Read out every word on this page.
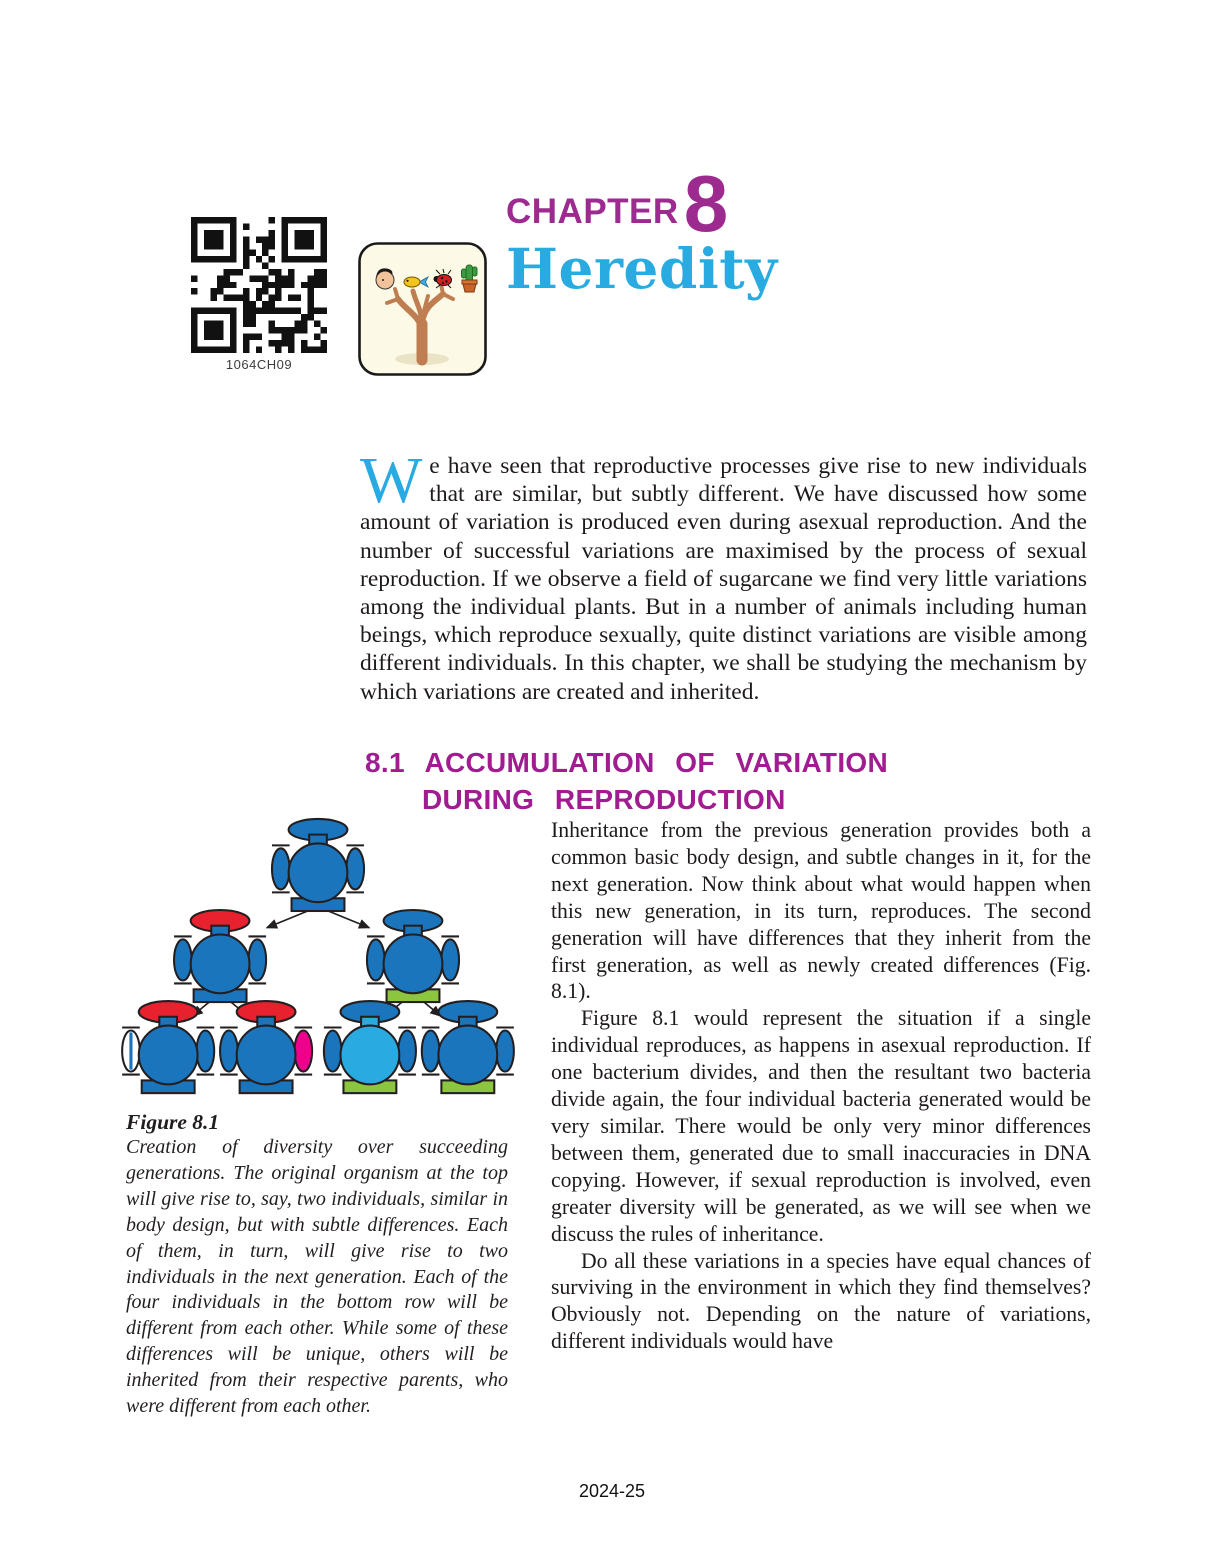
1064CH09
CHAPTER 8
Heredity
We have seen that reproductive processes give rise to new individuals that are similar, but subtly different. We have discussed how some amount of variation is produced even during asexual reproduction. And the number of successful variations are maximised by the process of sexual reproduction. If we observe a field of sugarcane we find very little variations among the individual plants. But in a number of animals including human beings, which reproduce sexually, quite distinct variations are visible among different individuals. In this chapter, we shall be studying the mechanism by which variations are created and inherited.
8.1 ACCUMULATION OF VARIATION
DURING REPRODUCTION
Figure 8.1
Creation of diversity over succeeding generations. The original organism at the top will give rise to, say, two individuals, similar in body design, but with subtle differences. Each of them, in turn, will give rise to two individuals in the next generation. Each of the four individuals in the bottom row will be different from each other. While some of these differences will be unique, others will be inherited from their respective parents, who were different from each other.

Inheritance from the previous generation provides both a common basic body design, and subtle changes in it, for the next generation. Now think about what would happen when this new generation, in its turn, reproduces. The second generation will have differences that they inherit from the first generation, as well as newly created differences (Fig. 8.1).

Figure 8.1 would represent the situation if a single individual reproduces, as happens in asexual reproduction. If one bacterium divides, and then the resultant two bacteria divide again, the four individual bacteria generated would be very similar. There would be only very minor differences between them, generated due to small inaccuracies in DNA copying. However, if sexual reproduction is involved, even greater diversity will be generated, as we will see when we discuss the rules of inheritance.

Do all these variations in a species have equal chances of surviving in the environment in which they find themselves? Obviously not. Depending on the nature of variations, different individuals would have

2024-25
